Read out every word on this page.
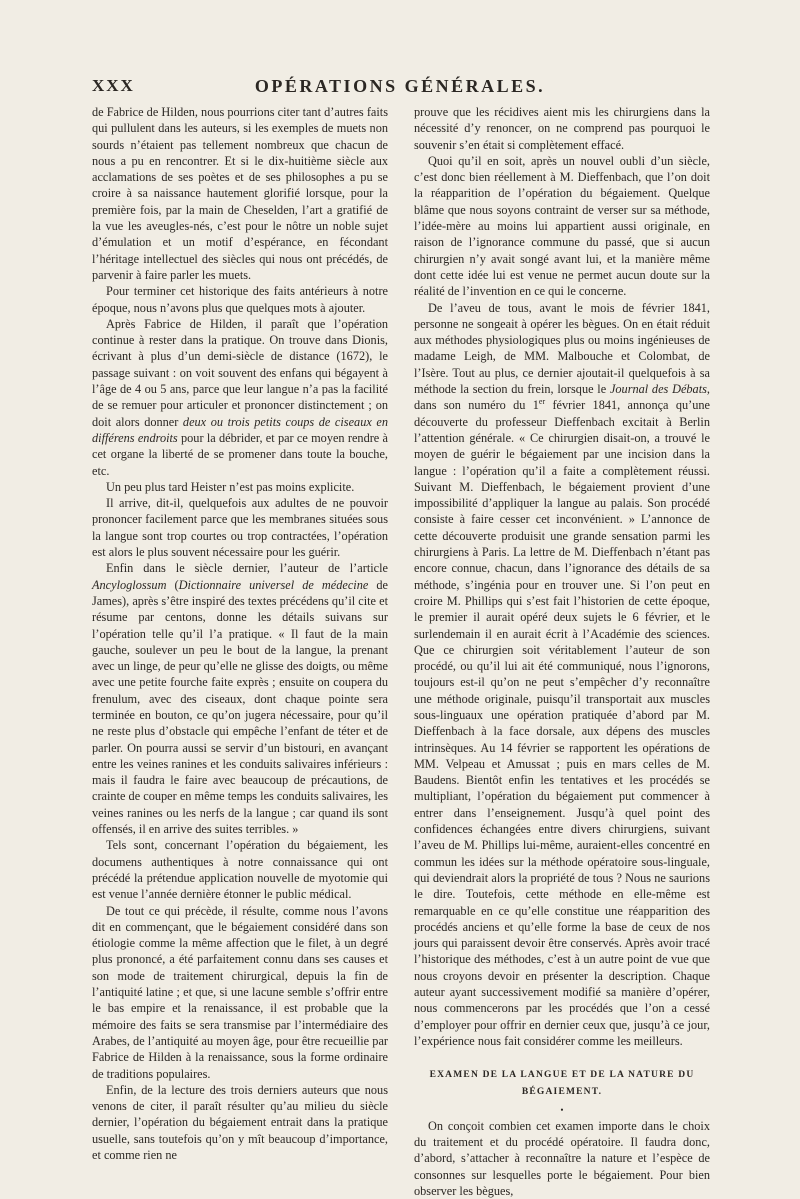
XXX	OPÉRATIONS GÉNÉRALES.

de Fabrice de Hilden, nous pourrions citer tant d’autres faits qui pullulent dans les auteurs, si les exemples de muets non sourds n’étaient pas tellement nombreux que chacun de nous a pu en rencontrer. Et si le dix-huitième siècle aux acclamations de ses poètes et de ses philosophes a pu se croire à sa naissance hautement glorifié lorsque, pour la première fois, par la main de Cheselden, l’art a gratifié de la vue les aveugles-nés, c’est pour le nôtre un noble sujet d’émulation et un motif d’espérance, en fécondant l’héritage intellectuel des siècles qui nous ont précédés, de parvenir à faire parler les muets.

Pour terminer cet historique des faits antérieurs à notre époque, nous n’avons plus que quelques mots à ajouter.

Après Fabrice de Hilden, il paraît que l’opération continue à rester dans la pratique. On trouve dans Dionis, écrivant à plus d’un demi-siècle de distance (1672), le passage suivant : on voit souvent des enfans qui bégayent à l’âge de 4 ou 5 ans, parce que leur langue n’a pas la facilité de se remuer pour articuler et prononcer distinctement ; on doit alors donner deux ou trois petits coups de ciseaux en différens endroits pour la débrider, et par ce moyen rendre à cet organe la liberté de se promener dans toute la bouche, etc.

Un peu plus tard Heister n’est pas moins explicite.

Il arrive, dit-il, quelquefois aux adultes de ne pouvoir prononcer facilement parce que les membranes situées sous la langue sont trop courtes ou trop contractées, l’opération est alors le plus souvent nécessaire pour les guérir.

Enfin dans le siècle dernier, l’auteur de l’article Ancyloglossum (Dictionnaire universel de médecine de James), après s’être inspiré des textes précédens qu’il cite et résume par centons, donne les détails suivans sur l’opération telle qu’il l’a pratique. « Il faut de la main gauche, soulever un peu le bout de la langue, la prenant avec un linge, de peur qu’elle ne glisse des doigts, ou même avec une petite fourche faite exprès ; ensuite on coupera du frenulum, avec des ciseaux, dont chaque pointe sera terminée en bouton, ce qu’on jugera nécessaire, pour qu’il ne reste plus d’obstacle qui empêche l’enfant de téter et de parler. On pourra aussi se servir d’un bistouri, en avançant entre les veines ranines et les conduits salivaires inférieurs : mais il faudra le faire avec beaucoup de précautions, de crainte de couper en même temps les conduits salivaires, les veines ranines ou les nerfs de la langue ; car quand ils sont offensés, il en arrive des suites terribles. »

Tels sont, concernant l’opération du bégaiement, les documens authentiques à notre connaissance qui ont précédé la prétendue application nouvelle de myotomie qui est venue l’année dernière étonner le public médical.

De tout ce qui précède, il résulte, comme nous l’avons dit en commençant, que le bégaiement considéré dans son étiologie comme la même affection que le filet, à un degré plus prononcé, a été parfaitement connu dans ses causes et son mode de traitement chirurgical, depuis la fin de l’antiquité latine ; et que, si une lacune semble s’offrir entre le bas empire et la renaissance, il est probable que la mémoire des faits se sera transmise par l’intermédiaire des Arabes, de l’antiquité au moyen âge, pour être recueillie par Fabrice de Hilden à la renaissance, sous la forme ordinaire de traditions populaires.

Enfin, de la lecture des trois derniers auteurs que nous venons de citer, il paraît résulter qu’au milieu du siècle dernier, l’opération du bégaiement entrait dans la pratique usuelle, sans toutefois qu’on y mît beaucoup d’importance, et comme rien ne

prouve que les récidives aient mis les chirurgiens dans la nécessité d’y renoncer, on ne comprend pas pourquoi le souvenir s’en était si complètement effacé.

Quoi qu’il en soit, après un nouvel oubli d’un siècle, c’est donc bien réellement à M. Dieffenbach, que l’on doit la réapparition de l’opération du bégaiement. Quelque blâme que nous soyons contraint de verser sur sa méthode, l’idée-mère au moins lui appartient aussi originale, en raison de l’ignorance commune du passé, que si aucun chirurgien n’y avait songé avant lui, et la manière même dont cette idée lui est venue ne permet aucun doute sur la réalité de l’invention en ce qui le concerne.

De l’aveu de tous, avant le mois de février 1841, personne ne songeait à opérer les bègues. On en était réduit aux méthodes physiologiques plus ou moins ingénieuses de madame Leigh, de MM. Malbouche et Colombat, de l’Isère. Tout au plus, ce dernier ajoutait-il quelquefois à sa méthode la section du frein, lorsque le Journal des Débats, dans son numéro du 1er février 1841, annonça qu’une découverte du professeur Dieffenbach excitait à Berlin l’attention générale. « Ce chirurgien disait-on, a trouvé le moyen de guérir le bégaiement par une incision dans la langue : l’opération qu’il a faite a complètement réussi. Suivant M. Dieffenbach, le bégaiement provient d’une impossibilité d’appliquer la langue au palais. Son procédé consiste à faire cesser cet inconvénient. » L’annonce de cette découverte produisit une grande sensation parmi les chirurgiens à Paris. La lettre de M. Dieffenbach n’étant pas encore connue, chacun, dans l’ignorance des détails de sa méthode, s’ingénia pour en trouver une. Si l’on peut en croire M. Phillips qui s’est fait l’historien de cette époque, le premier il aurait opéré deux sujets le 6 février, et le surlendemain il en aurait écrit à l’Académie des sciences. Que ce chirurgien soit véritablement l’auteur de son procédé, ou qu’il lui ait été communiqué, nous l’ignorons, toujours est-il qu’on ne peut s’empêcher d’y reconnaître une méthode originale, puisqu’il transportait aux muscles sous-linguaux une opération pratiquée d’abord par M. Dieffenbach à la face dorsale, aux dépens des muscles intrinsèques. Au 14 février se rapportent les opérations de MM. Velpeau et Amussat ; puis en mars celles de M. Baudens. Bientôt enfin les tentatives et les procédés se multipliant, l’opération du bégaiement put commencer à entrer dans l’enseignement. Jusqu’à quel point des confidences échangées entre divers chirurgiens, suivant l’aveu de M. Phillips lui-même, auraient-elles concentré en commun les idées sur la méthode opératoire sous-linguale, qui deviendrait alors la propriété de tous ? Nous ne saurions le dire. Toutefois, cette méthode en elle-même est remarquable en ce qu’elle constitue une réapparition des procédés anciens et qu’elle forme la base de ceux de nos jours qui paraissent devoir être conservés. Après avoir tracé l’historique des méthodes, c’est à un autre point de vue que nous croyons devoir en présenter la description. Chaque auteur ayant successivement modifié sa manière d’opérer, nous commencerons par les procédés que l’on a cessé d’employer pour offrir en dernier ceux que, jusqu’à ce jour, l’expérience nous fait considérer comme les meilleurs.

EXAMEN DE LA LANGUE ET DE LA NATURE DU BÉGAIEMENT.
•

On conçoit combien cet examen importe dans le choix du traitement et du procédé opératoire. Il faudra donc, d’abord, s’attacher à reconnaître la nature et l’espèce de consonnes sur lesquelles porte le bégaiement. Pour bien observer les bègues,
